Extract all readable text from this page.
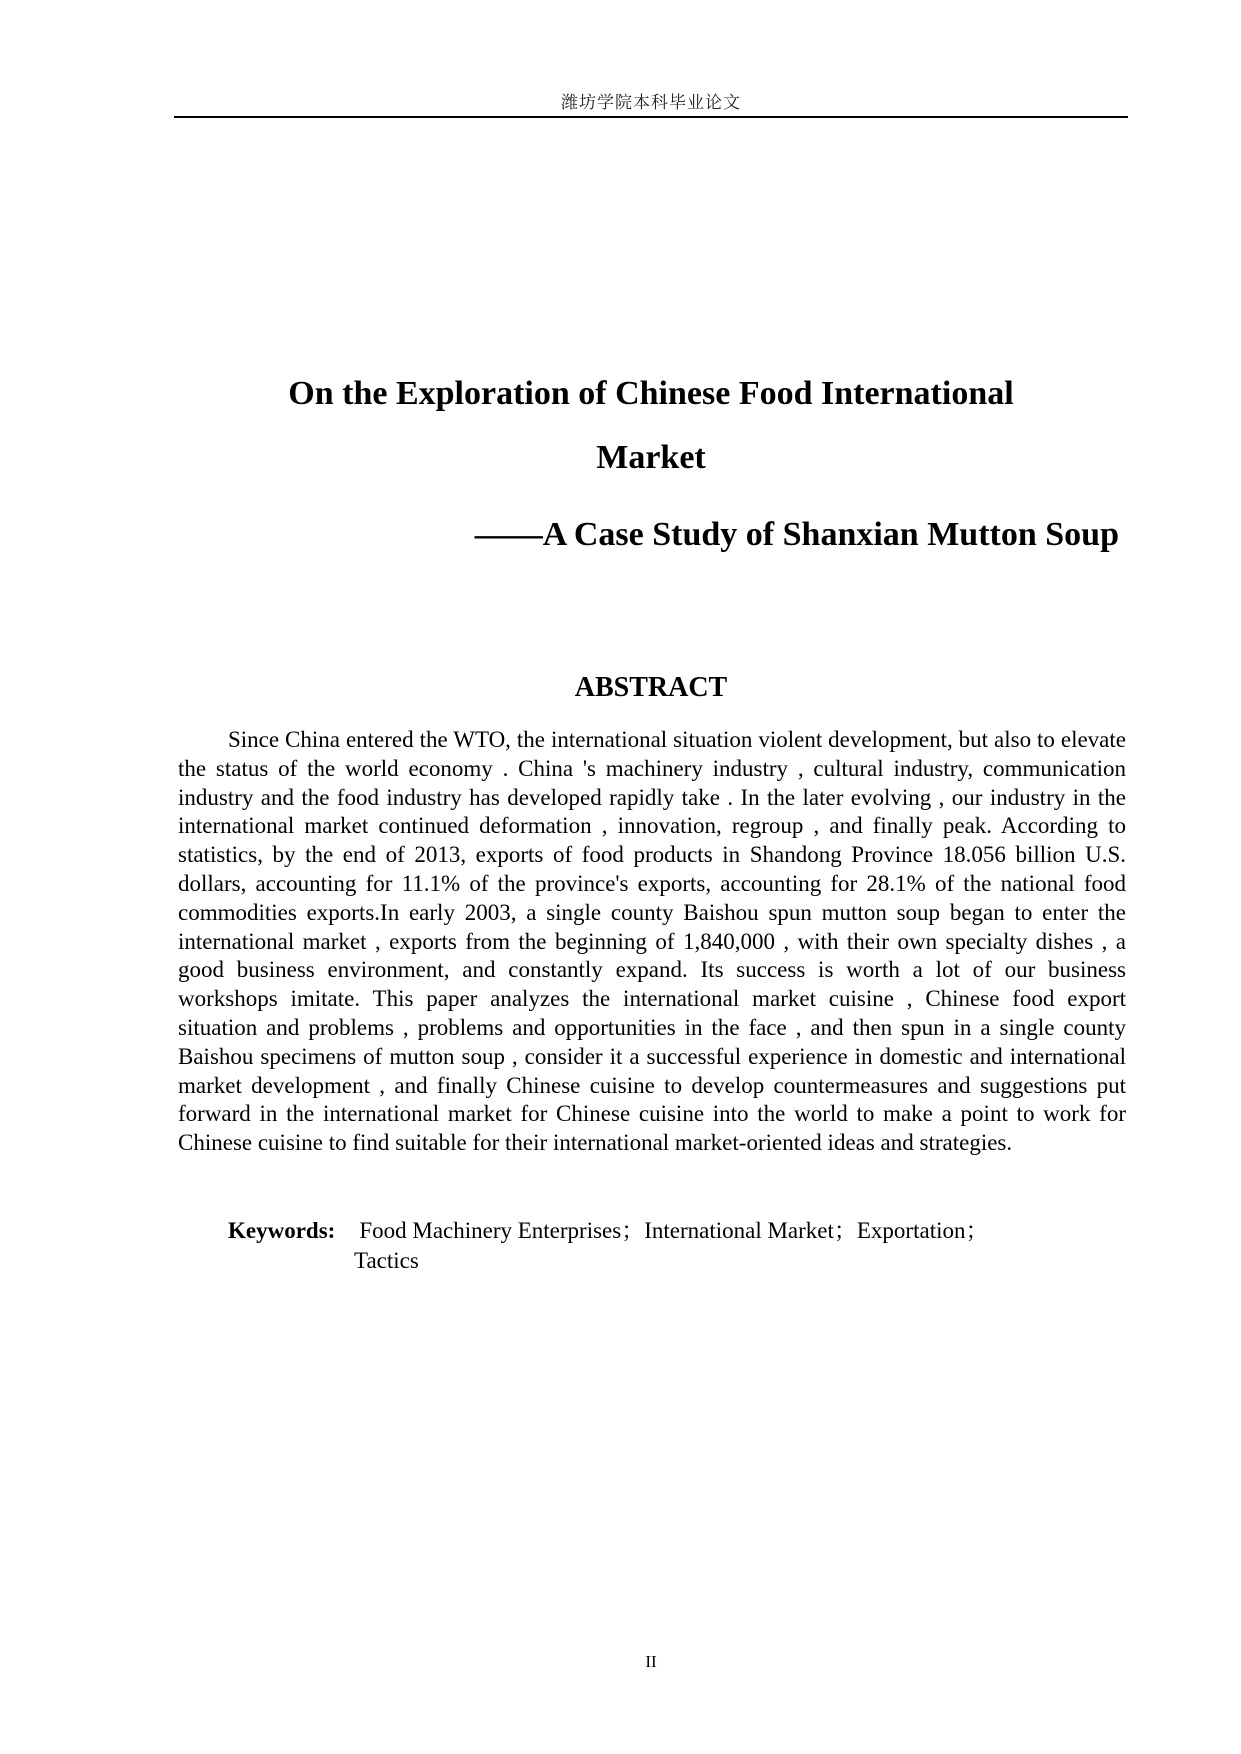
潍坊学院本科毕业论文
On the Exploration of Chinese Food International
Market
——A Case Study of Shanxian Mutton Soup
ABSTRACT

Since China entered the WTO, the international situation violent development, but also to elevate the status of the world economy . China 's machinery industry , cultural industry, communication industry and the food industry has developed rapidly take . In the later evolving , our industry in the international market continued deformation , innovation, regroup , and finally peak. According to statistics, by the end of 2013, exports of food products in Shandong Province 18.056 billion U.S. dollars, accounting for 11.1% of the province's exports, accounting for 28.1% of the national food commodities exports.In early 2003, a single county Baishou spun mutton soup began to enter the international market , exports from the beginning of 1,840,000 , with their own specialty dishes , a good business environment, and constantly expand. Its success is worth a lot of our business workshops imitate. This paper analyzes the international market cuisine , Chinese food export situation and problems , problems and opportunities in the face , and then spun in a single county Baishou specimens of mutton soup , consider it a successful experience in domestic and international market development , and finally Chinese cuisine to develop countermeasures and suggestions put forward in the international market for Chinese cuisine into the world to make a point to work for Chinese cuisine to find suitable for their international market-oriented ideas and strategies.

Keywords: Food Machinery Enterprises；International Market；Exportation；
Tactics
II
